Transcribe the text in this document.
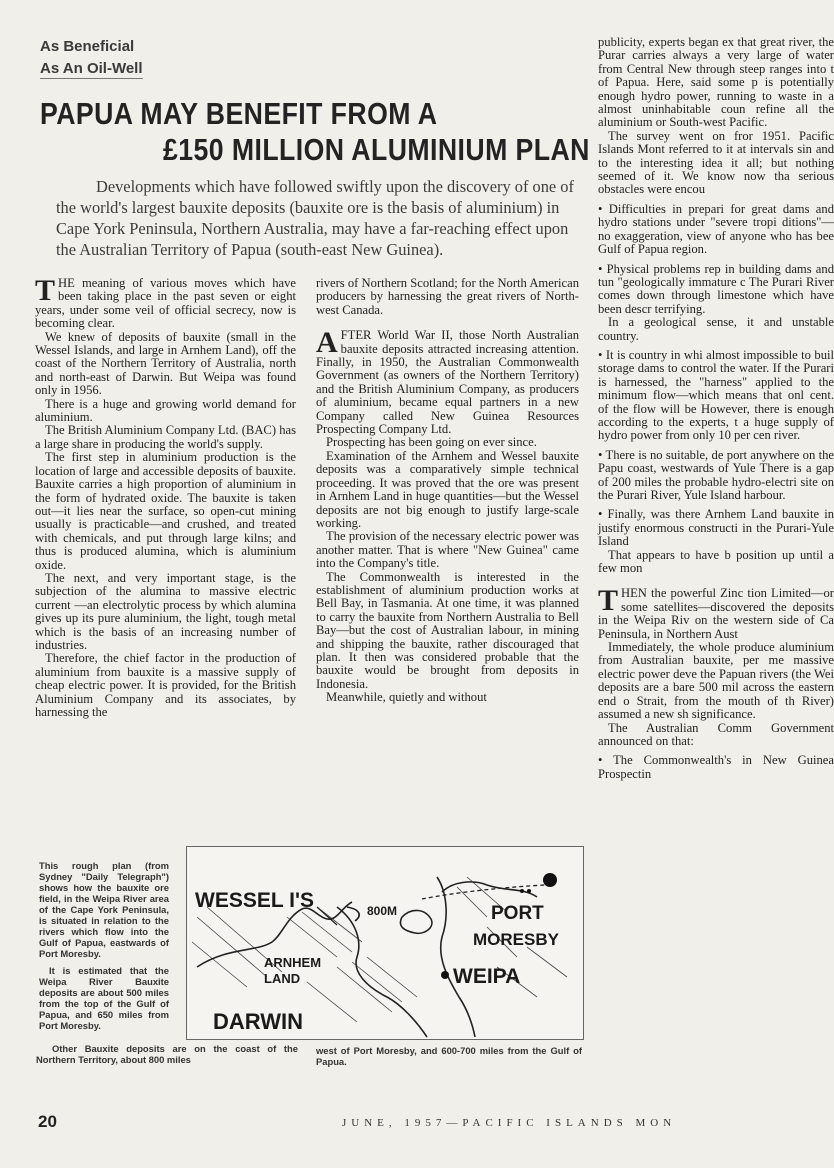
As Beneficial
As An Oil-Well
PAPUA MAY BENEFIT FROM A
£150 MILLION ALUMINIUM PLAN
Developments which have followed swiftly upon the discovery of one of the world's largest bauxite deposits (bauxite ore is the basis of aluminium) in Cape York Peninsula, Northern Australia, may have a far-reaching effect upon the Australian Territory of Papua (south-east New Guinea).

THE meaning of various moves which have been taking place in the past seven or eight years, under some veil of official secrecy, now is becoming clear.

We knew of deposits of bauxite (small in the Wessel Islands, and large in Arnhem Land), off the coast of the Northern Territory of Australia, north and north-east of Darwin. But Weipa was found only in 1956.

There is a huge and growing world demand for aluminium.

The British Aluminium Company Ltd. (BAC) has a large share in producing the world's supply.

The first step in aluminium production is the location of large and accessible deposits of bauxite. Bauxite carries a high proportion of aluminium in the form of hydrated oxide. The bauxite is taken out—it lies near the surface, so open-cut mining usually is practicable—and crushed, and treated with chemicals, and put through large kilns; and thus is produced alumina, which is aluminium oxide.

The next, and very important stage, is the subjection of the alumina to massive electric current —an electrolytic process by which alumina gives up its pure aluminium, the light, tough metal which is the basis of an increasing number of industries.

Therefore, the chief factor in the production of aluminium from bauxite is a massive supply of cheap electric power. It is provided, for the British Aluminium Company and its associates, by harnessing the

rivers of Northern Scotland; for the North American producers by harnessing the great rivers of North-west Canada.

AFTER World War II, those North Australian bauxite deposits attracted increasing attention. Finally, in 1950, the Australian Commonwealth Government (as owners of the Northern Territory) and the British Aluminium Company, as producers of aluminium, became equal partners in a new Company called New Guinea Resources Prospecting Company Ltd.

Prospecting has been going on ever since.

Examination of the Arnhem and Wessel bauxite deposits was a comparatively simple technical proceeding. It was proved that the ore was present in Arnhem Land in huge quantities—but the Wessel deposits are not big enough to justify large-scale working.

The provision of the necessary electric power was another matter. That is where "New Guinea" came into the Company's title.

The Commonwealth is interested in the establishment of aluminium production works at Bell Bay, in Tasmania. At one time, it was planned to carry the bauxite from Northern Australia to Bell Bay—but the cost of Australian labour, in mining and shipping the bauxite, rather discouraged that plan. It then was considered probable that the bauxite would be brought from deposits in Indonesia.

Meanwhile, quietly and without

publicity, experts began ex that great river, the Purar carries always a very large of water from Central New through steep ranges into t of Papua. Here, said some p is potentially enough hydro power, running to waste in a almost uninhabitable coun refine all the aluminium or South-west Pacific.

The survey went on fror 1951. Pacific Islands Mont referred to it at intervals sin and to the interesting idea it all; but nothing seemed of it. We know now tha serious obstacles were encou

• Difficulties in prepari for great dams and hydro stations under "severe tropi ditions"—no exaggeration, view of anyone who has bee Gulf of Papua region.

• Physical problems rep in building dams and tun "geologically immature c The Purari River comes down through limestone which have been descr terrifying.

In a geological sense, it and unstable country.

• It is country in whi almost impossible to buil storage dams to control the water. If the Purari is harnessed, the "harness" applied to the minimum flow—which means that onl cent. of the flow will be However, there is enough according to the experts, t a huge supply of hydro power from only 10 per cen river.

• There is no suitable, de port anywhere on the Papu coast, westwards of Yule There is a gap of 200 miles the probable hydro-electri site on the Purari River, Yule Island harbour.

• Finally, was there Arnhem Land bauxite in justify enormous constructi in the Purari-Yule Island

That appears to have b position up until a few mon

THEN the powerful Zinc tion Limited—or some satellites—discovered the deposits in the Weipa Riv on the western side of Ca Peninsula, in Northern Aust

Immediately, the whole produce aluminium from Australian bauxite, per me massive electric power deve the Papuan rivers (the Wei deposits are a bare 500 mil across the eastern end o Strait, from the mouth of th River) assumed a new sh significance.

The Australian Comm Government announced on that:

• The Commonwealth's in New Guinea Prospectin

This rough plan (from Sydney "Daily Telegraph") shows how the bauxite ore field, in the Weipa River area of the Cape York Peninsula, is situated in relation to the rivers which flow into the Gulf of Papua, eastwards of Port Moresby.

It is estimated that the Weipa River Bauxite deposits are about 500 miles from the top of the Gulf of Papua, and 650 miles from Port Moresby.

Other Bauxite deposits are on the coast of the Northern Territory, about 800 miles
west of Port Moresby, and 600-700 miles from the Gulf of Papua.
WESSEL I'S	800M	PORT
MORESBY
ARNHEM
LAND	WEIPA
DARWIN
20	JUNE, 1957—PACIFIC ISLANDS MON
